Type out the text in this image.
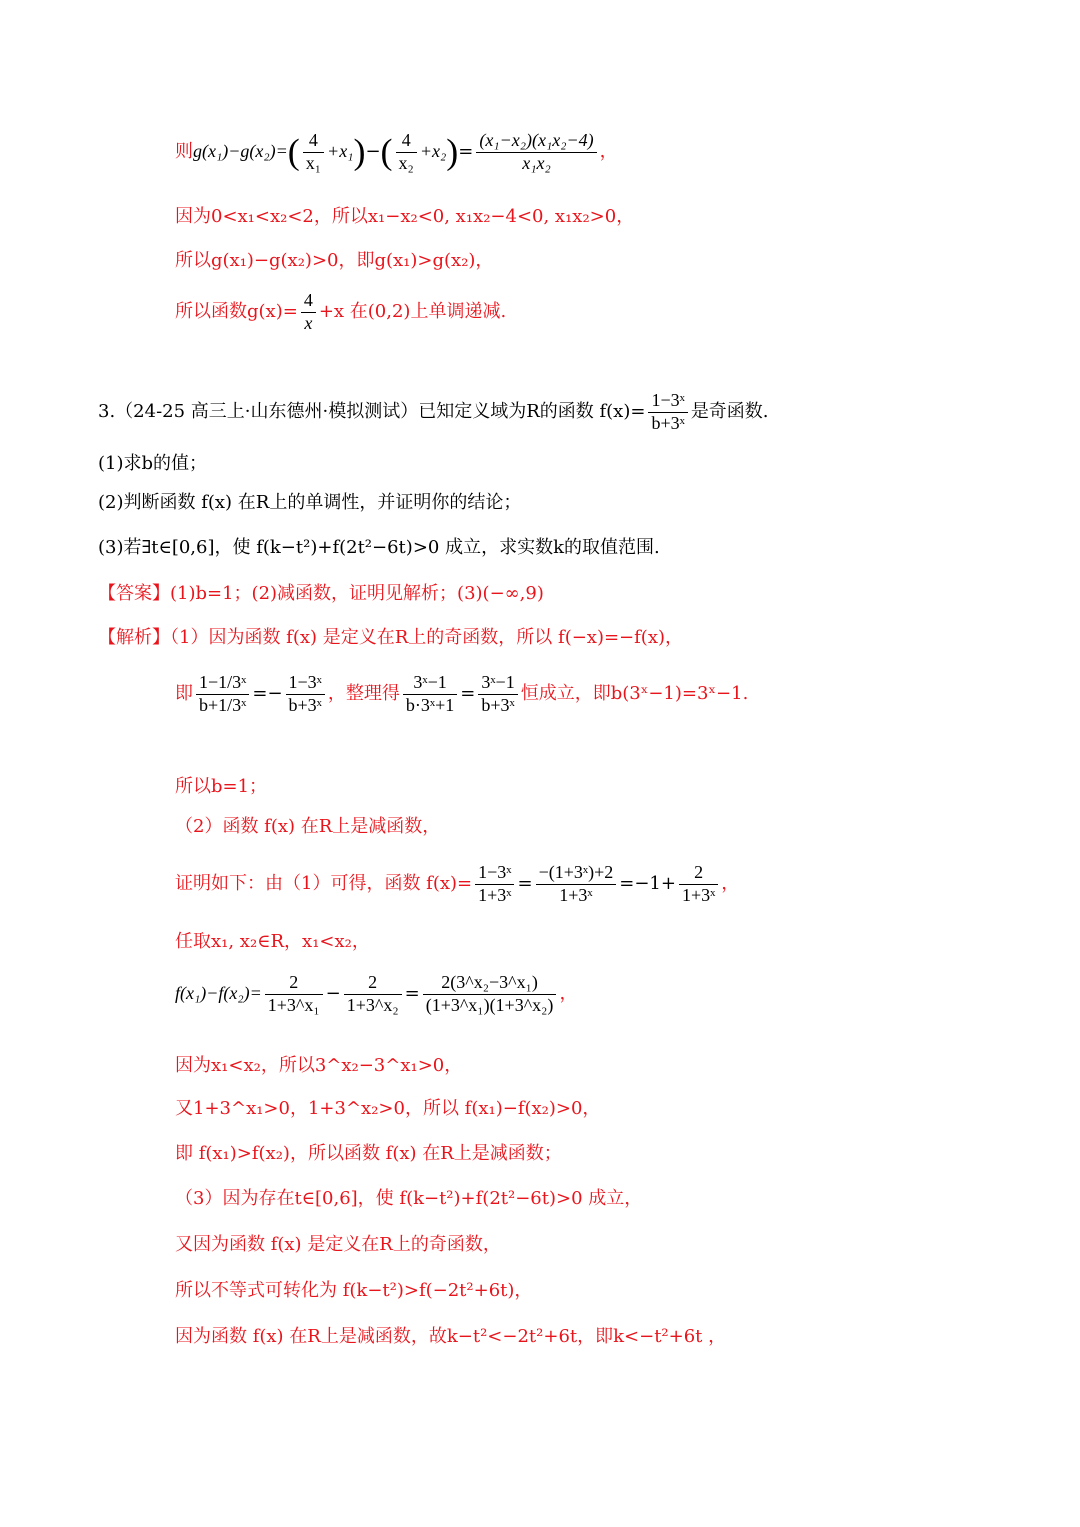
则$g(x_1)-g(x_2)=( \frac{4}{\text{x₁}} +x_1)-( \frac{4}{\text{x₂}} +x_2)= \frac{\text{(x₁−x₂)(x₁x₂−4)}}{\text{x₁x₂}}$ ，
因为0<x₁<x₂<2，所以x₁−x₂<0, x₁x₂−4<0, x₁x₂>0，
所以g(x₁)−g(x₂)>0，即g(x₁)>g(x₂)，
所以函数$g(x)= \frac{4}{x} +x$ 在(0,2)上单调递减.
3.（24-25 高三上·山东德州·模拟测试）已知定义域为R的函数 $f(x)= \frac{\text{1−3ˣ}}{\text{b+3ˣ}}$ 是奇函数.
(1)求b的值；
(2)判断函数 f(x) 在R上的单调性，并证明你的结论；
(3)若∃t∈[0,6]，使 f(k−t²)+f(2t²−6t)>0 成立，求实数k的取值范围.
【答案】(1)b=1；(2)减函数，证明见解析；(3)(−∞,9)
【解析】（1）因为函数 f(x) 是定义在R上的奇函数，所以 f(−x)=−f(x)，
即 $\frac{\text{1−1/3ˣ}}{\text{b+1/3ˣ}} =- \frac{\text{1−3ˣ}}{\text{b+3ˣ}}$ ，整理得 $\frac{\text{3ˣ−1}}{\text{b·3ˣ+1}} = \frac{\text{3ˣ−1}}{\text{b+3ˣ}}$ 恒成立，即b(3ˣ−1)=3ˣ−1.
所以b=1；
（2）函数 f(x) 在R上是减函数，
证明如下：由（1）可得，函数 $f(x)= \frac{\text{1−3ˣ}}{\text{1+3ˣ}} = \frac{\text{−(1+3ˣ)+2}}{\text{1+3ˣ}} =-1+ \frac{2}{\text{1+3ˣ}}$ ，
任取x₁, x₂∈R，x₁<x₂，
$f(x_1)-f(x_2)= \frac{2}{\text{1+3\textasciicircum{}x₁}} - \frac{2}{\text{1+3\textasciicircum{}x₂}} = \frac{\text{2(3\textasciicircum{}x₂−3\textasciicircum{}x₁)}}{\text{(1+3\textasciicircum{}x₁)(1+3\textasciicircum{}x₂)}}$ ，
因为x₁<x₂，所以3^x₂−3^x₁>0，
又1+3^x₁>0，1+3^x₂>0，所以 f(x₁)−f(x₂)>0，
即 f(x₁)>f(x₂)，所以函数 f(x) 在R上是减函数；
（3）因为存在t∈[0,6]，使 f(k−t²)+f(2t²−6t)>0 成立，
又因为函数 f(x) 是定义在R上的奇函数，
所以不等式可转化为 f(k−t²)>f(−2t²+6t)，
因为函数 f(x) 在R上是减函数，故k−t²<−2t²+6t，即k<−t²+6t ，
